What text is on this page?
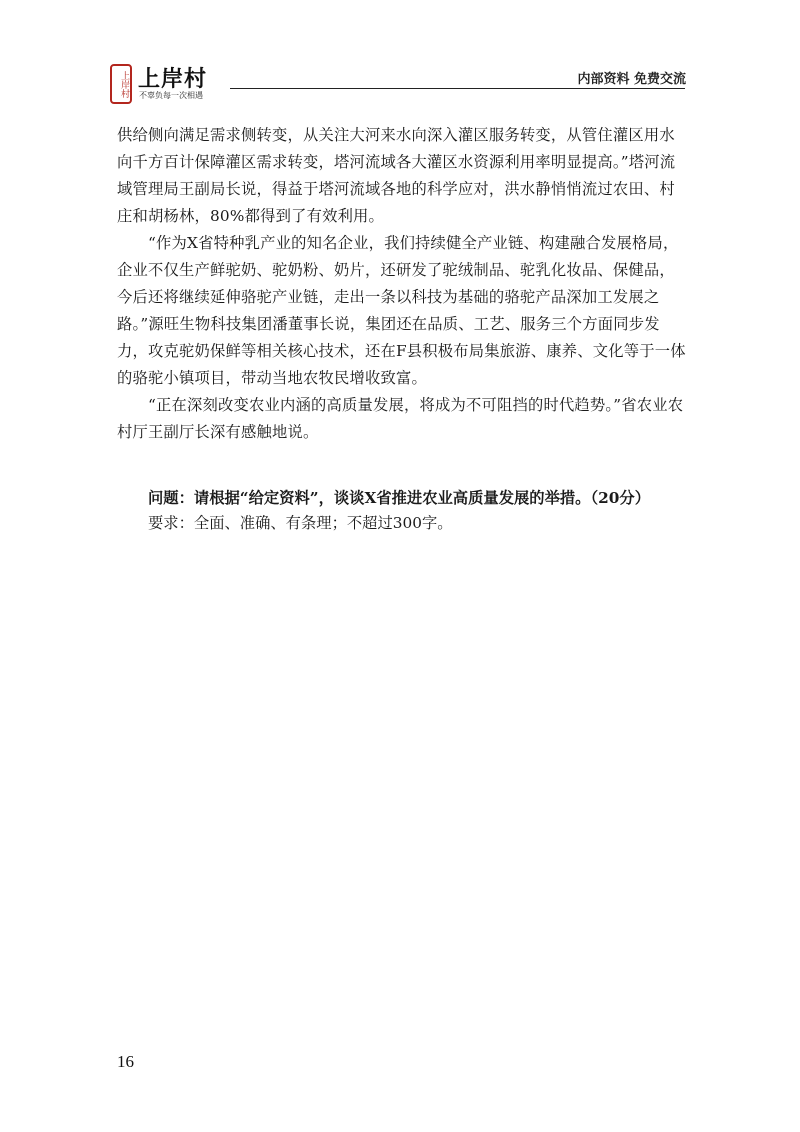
上岸村 上岸村
不辜负每一次相遇
内部资料 免费交流

供给侧向满足需求侧转变，从关注大河来水向深入灌区服务转变，从管住灌区用水向千方百计保障灌区需求转变，塔河流域各大灌区水资源利用率明显提高。”塔河流域管理局王副局长说，得益于塔河流域各地的科学应对，洪水静悄悄流过农田、村庄和胡杨林，80%都得到了有效利用。

“作为X省特种乳产业的知名企业，我们持续健全产业链、构建融合发展格局，企业不仅生产鲜驼奶、驼奶粉、奶片，还研发了驼绒制品、驼乳化妆品、保健品，今后还将继续延伸骆驼产业链，走出一条以科技为基础的骆驼产品深加工发展之路。”源旺生物科技集团潘董事长说，集团还在品质、工艺、服务三个方面同步发力，攻克驼奶保鲜等相关核心技术，还在F县积极布局集旅游、康养、文化等于一体的骆驼小镇项目，带动当地农牧民增收致富。

“正在深刻改变农业内涵的高质量发展，将成为不可阻挡的时代趋势。”省农业农村厅王副厅长深有感触地说。

问题：请根据“给定资料”，谈谈X省推进农业高质量发展的举措。（20分）

要求：全面、准确、有条理；不超过300字。

16
